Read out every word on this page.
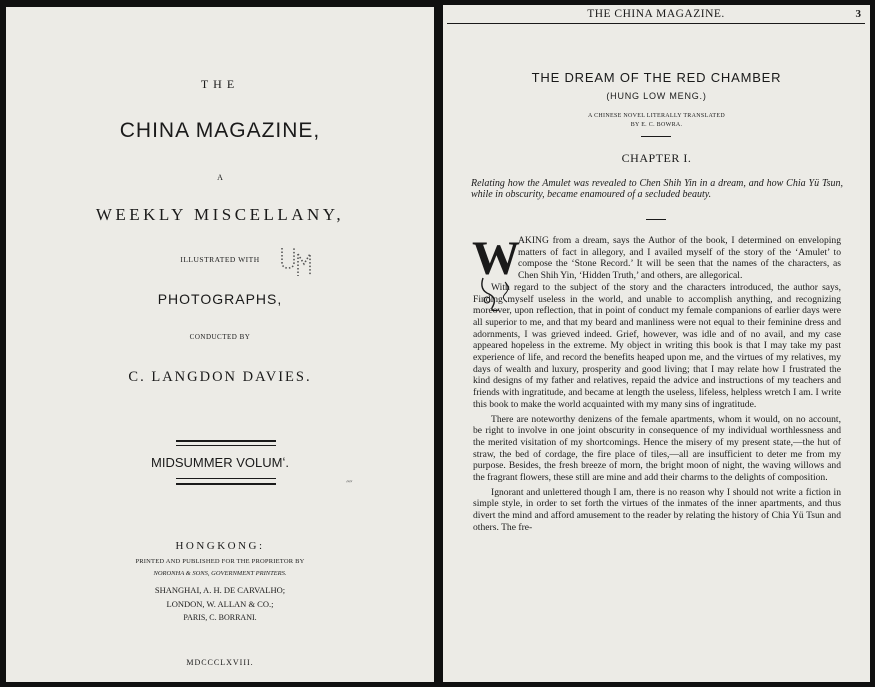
THE
CHINA MAGAZINE,
A
WEEKLY MISCELLANY,
ILLUSTRATED WITH
PHOTOGRAPHS,
CONDUCTED BY
C. LANGDON DAVIES.
MIDSUMMER VOLUMʻ.
⁗
HONGKONG:
PRINTED AND PUBLISHED FOR THE PROPRIETOR BY
NORONHA & SONS, GOVERNMENT PRINTERS.
SHANGHAI, A. H. DE CARVALHO;
LONDON, W. ALLAN & CO.;
PARIS, C. BORRANI.
MDCCCLXVIII.
THE CHINA MAGAZINE.	3
THE DREAM OF THE RED CHAMBER
(HUNG LOW MENG.)
A CHINESE NOVEL LITERALLY TRANSLATED
BY E. C. BOWRA.
CHAPTER I.
Relating how the Amulet was revealed to Chen Shih Yin in a dream, and how Chia Yü Tsun, while in obscurity, became enamoured of a secluded beauty.
W

AKING from a dream, says the Author of the book, I determined on enveloping matters of fact in allegory, and I availed myself of the story of the ‘Amulet’ to compose the ‘Stone Record.’ It will be seen that the names of the characters, as Chen Shih Yin, ‘Hidden Truth,’ and others, are allegorical.

With regard to the subject of the story and the characters introduced, the author says, Finding myself useless in the world, and unable to accomplish anything, and recognizing moreover, upon reflection, that in point of conduct my female companions of earlier days were all superior to me, and that my beard and manliness were not equal to their feminine dress and adornments, I was grieved indeed. Grief, however, was idle and of no avail, and my case appeared hopeless in the extreme. My object in writing this book is that I may take my past experience of life, and record the benefits heaped upon me, and the virtues of my relatives, my days of wealth and luxury, prosperity and good living; that I may relate how I frustrated the kind designs of my father and relatives, repaid the advice and instructions of my teachers and friends with ingratitude, and became at length the useless, lifeless, helpless wretch I am. I write this book to make the world acquainted with my many sins of ingratitude.

There are noteworthy denizens of the female apartments, whom it would, on no account, be right to involve in one joint obscurity in consequence of my individual worthlessness and the merited visitation of my shortcomings. Hence the misery of my present state,—the hut of straw, the bed of cordage, the fire place of tiles,—all are insufficient to deter me from my purpose. Besides, the fresh breeze of morn, the bright moon of night, the waving willows and the fragrant flowers, these still are mine and add their charms to the delights of composition.

Ignorant and unlettered though I am, there is no reason why I should not write a fiction in simple style, in order to set forth the virtues of the inmates of the inner apartments, and thus divert the mind and afford amusement to the reader by relating the history of Chia Yü Tsun and others. The fre-
